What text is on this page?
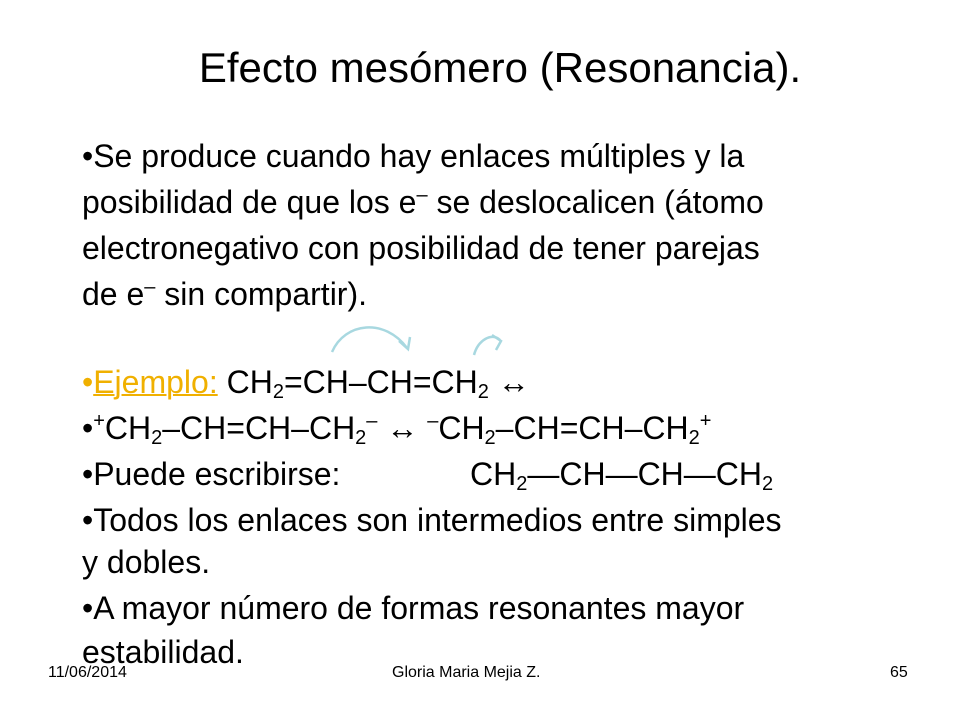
Efecto mesómero (Resonancia).
•Se produce cuando hay enlaces múltiples y la
posibilidad de que los e– se deslocalicen (átomo
electronegativo con posibilidad de tener parejas
de e– sin compartir).
•Ejemplo: $CH_2=CH-CH=CH_2$ ↔
$•^+CH_2-CH=CH-CH_2^-$ ↔ $^-CH_2-CH=CH-CH_2^+$
•Puede escribirse:	$CH_2—CH—CH—CH_2$
•Todos los enlaces son intermedios entre simples
y dobles.
•A mayor número de formas resonantes mayor
estabilidad.
11/06/2014	Gloria Maria Mejia Z.	65
